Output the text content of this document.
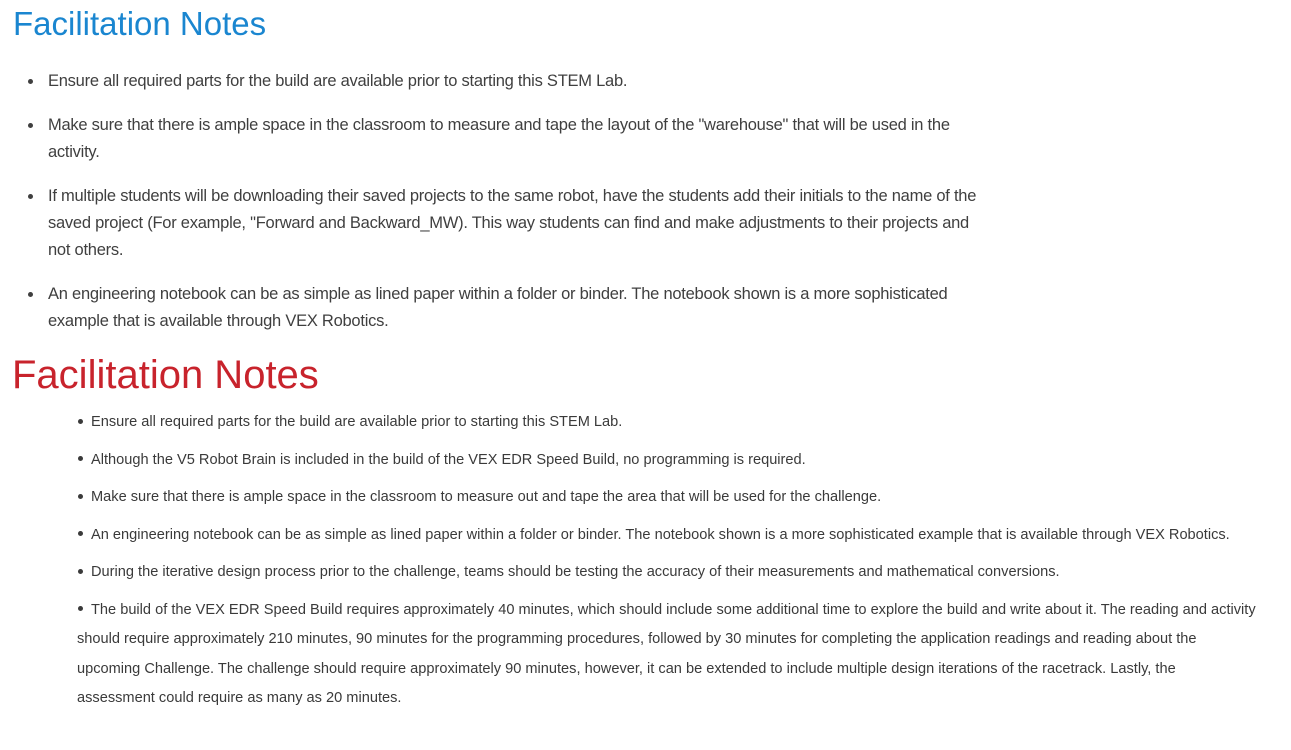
Facilitation Notes
Ensure all required parts for the build are available prior to starting this STEM Lab.
Make sure that there is ample space in the classroom to measure and tape the layout of the "warehouse" that will be used in the activity.
If multiple students will be downloading their saved projects to the same robot, have the students add their initials to the name of the saved project (For example, "Forward and Backward_MW). This way students can find and make adjustments to their projects and not others.
An engineering notebook can be as simple as lined paper within a folder or binder. The notebook shown is a more sophisticated example that is available through VEX Robotics.
Facilitation Notes
Ensure all required parts for the build are available prior to starting this STEM Lab.
Although the V5 Robot Brain is included in the build of the VEX EDR Speed Build, no programming is required.
Make sure that there is ample space in the classroom to measure out and tape the area that will be used for the challenge.
An engineering notebook can be as simple as lined paper within a folder or binder. The notebook shown is a more sophisticated example that is available through VEX Robotics.
During the iterative design process prior to the challenge, teams should be testing the accuracy of their measurements and mathematical conversions.
The build of the VEX EDR Speed Build requires approximately 40 minutes, which should include some additional time to explore the build and write about it. The reading and activity should require approximately 210 minutes, 90 minutes for the programming procedures, followed by 30 minutes for completing the application readings and reading about the upcoming Challenge. The challenge should require approximately 90 minutes, however, it can be extended to include multiple design iterations of the racetrack. Lastly, the assessment could require as many as 20 minutes.
